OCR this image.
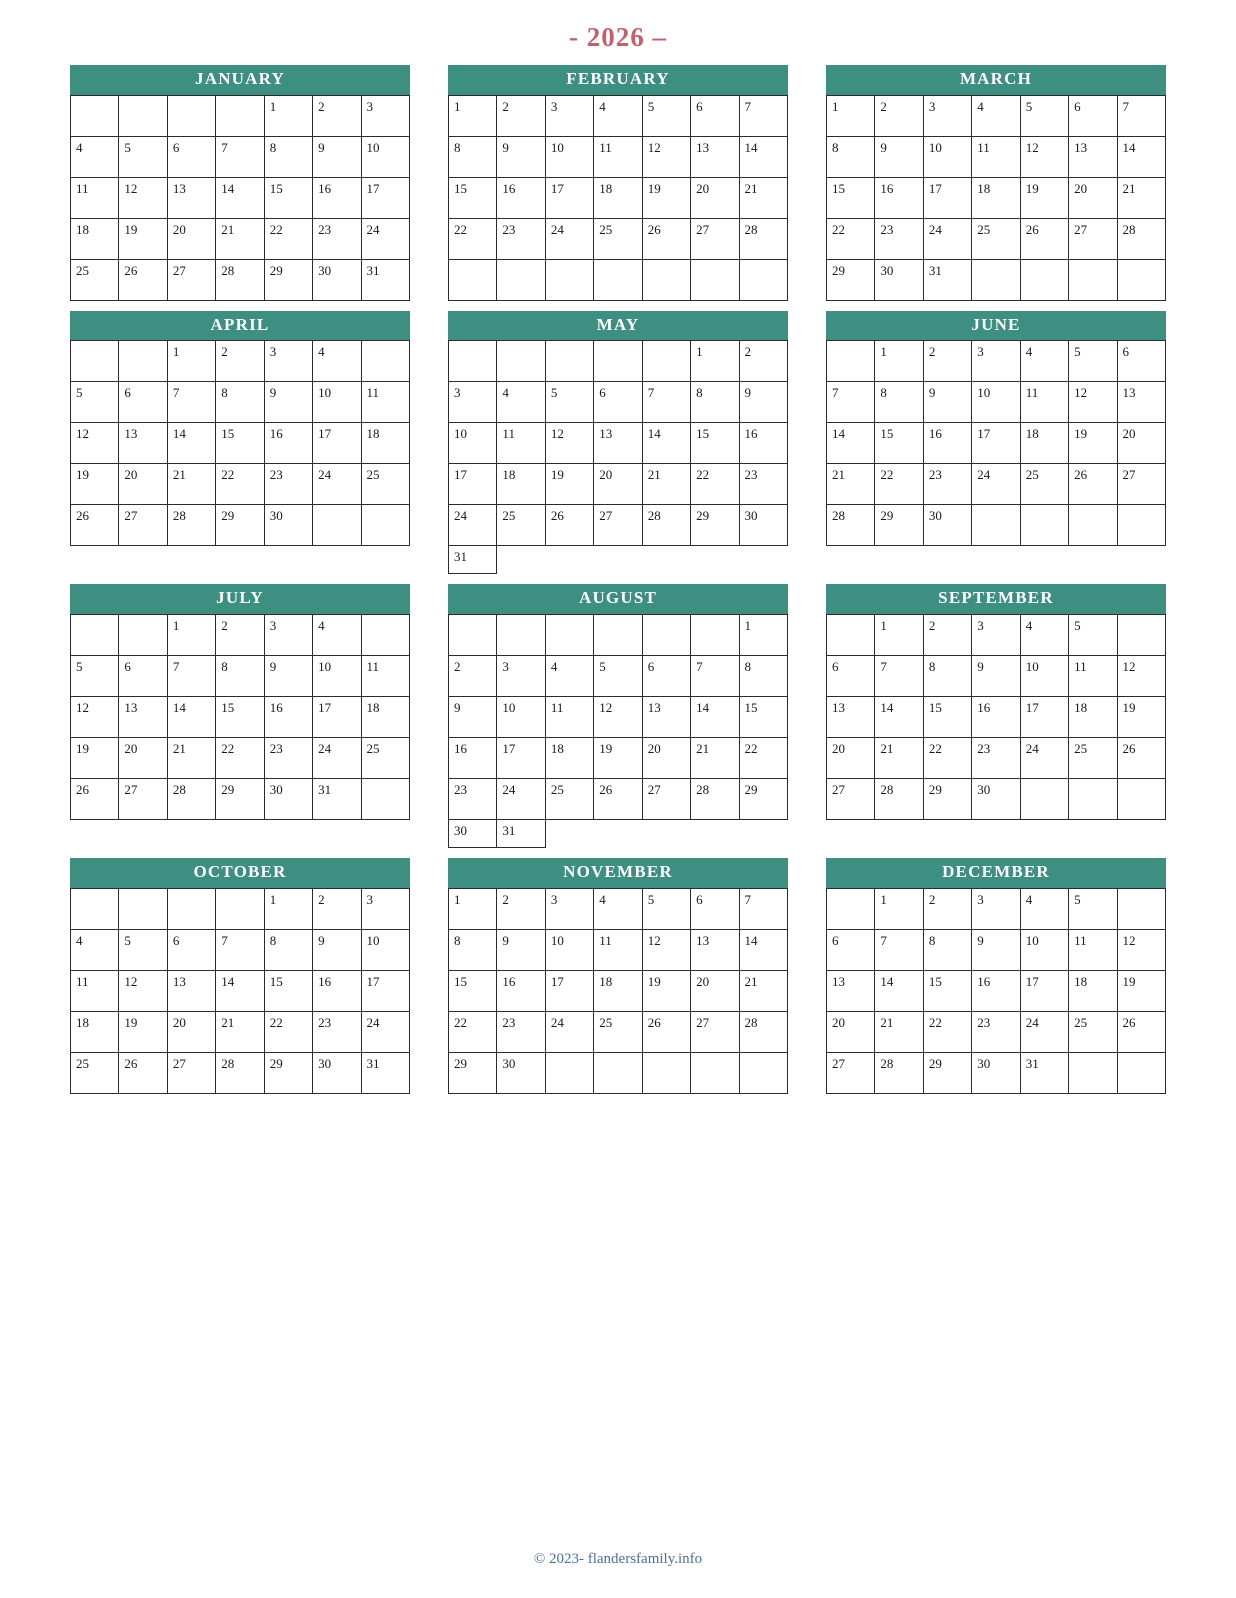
- 2026 –
JANUARY
				1	2	3
4	5	6	7	8	9	10
11	12	13	14	15	16	17
18	19	20	21	22	23	24
25	26	27	28	29	30	31
FEBRUARY
1	2	3	4	5	6	7
8	9	10	11	12	13	14
15	16	17	18	19	20	21
22	23	24	25	26	27	28

MARCH
1	2	3	4	5	6	7
8	9	10	11	12	13	14
15	16	17	18	19	20	21
22	23	24	25	26	27	28
29	30	31				
APRIL
		1	2	3	4	
5	6	7	8	9	10	11
12	13	14	15	16	17	18
19	20	21	22	23	24	25
26	27	28	29	30		
MAY
					1	2
3	4	5	6	7	8	9
10	11	12	13	14	15	16
17	18	19	20	21	22	23
24	25	26	27	28	29	30
31						
JUNE
	1	2	3	4	5	6
7	8	9	10	11	12	13
14	15	16	17	18	19	20
21	22	23	24	25	26	27
28	29	30				
JULY
		1	2	3	4	
5	6	7	8	9	10	11
12	13	14	15	16	17	18
19	20	21	22	23	24	25
26	27	28	29	30	31	
AUGUST
						1
2	3	4	5	6	7	8
9	10	11	12	13	14	15
16	17	18	19	20	21	22
23	24	25	26	27	28	29
30	31					
SEPTEMBER
	1	2	3	4	5	
6	7	8	9	10	11	12
13	14	15	16	17	18	19
20	21	22	23	24	25	26
27	28	29	30			
OCTOBER
				1	2	3
4	5	6	7	8	9	10
11	12	13	14	15	16	17
18	19	20	21	22	23	24
25	26	27	28	29	30	31
NOVEMBER
1	2	3	4	5	6	7
8	9	10	11	12	13	14
15	16	17	18	19	20	21
22	23	24	25	26	27	28
29	30					
DECEMBER
	1	2	3	4	5	
6	7	8	9	10	11	12
13	14	15	16	17	18	19
20	21	22	23	24	25	26
27	28	29	30	31		
© 2023- flandersfamily.info
